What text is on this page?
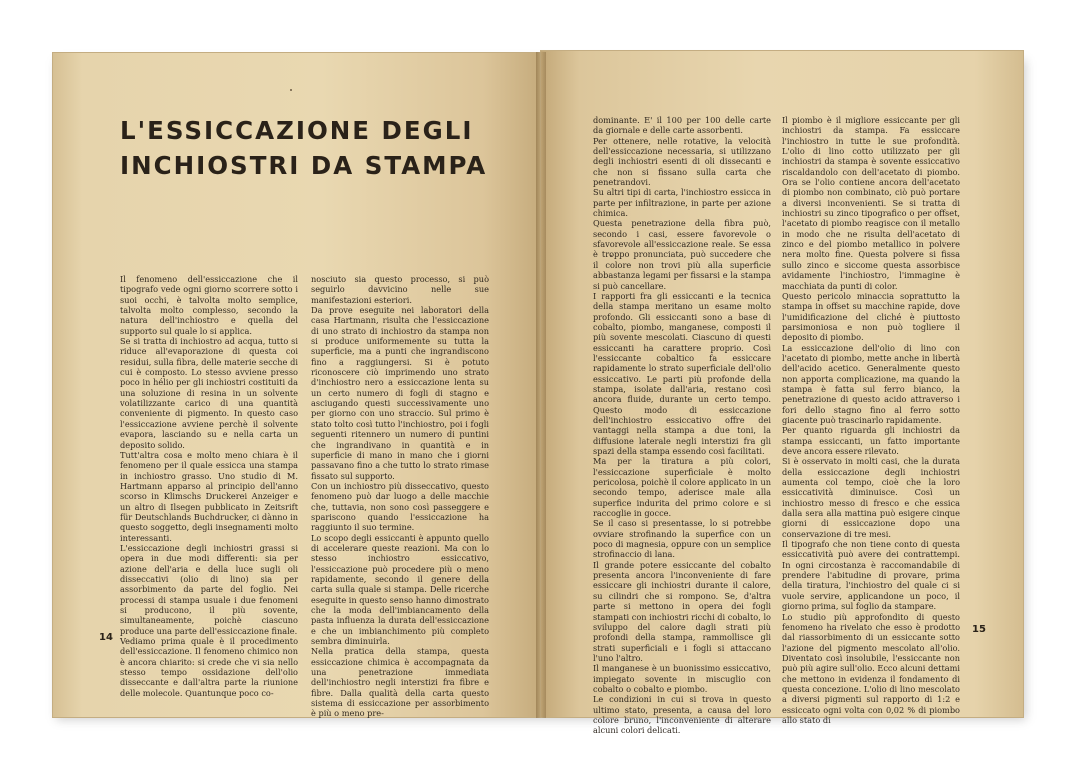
L'ESSICCAZIONE DEGLI
INCHIOSTRI DA STAMPA

Il fenomeno dell'essiccazione che il tipografo vede ogni giorno scorrere sotto i suoi occhi, è talvolta molto semplice, talvolta molto complesso, secondo la natura dell'inchiostro e quella del supporto sul quale lo si applica.

Se si tratta di inchiostro ad acqua, tutto si riduce all'evaporazione di questa coi residui, sulla fibra, delle materie secche di cui è composto. Lo stesso avviene presso poco in hélio per gli inchiostri costituiti da una soluzione di resina in un solvente volatilizzante carico di una quantità conveniente di pigmento. In questo caso l'essiccazione avviene perchè il solvente evapora, lasciando su e nella carta un deposito solido.

Tutt'altra cosa e molto meno chiara è il fenomeno per il quale essicca una stampa in inchiostro grasso. Uno studio di M. Hartmann apparso al principio dell'anno scorso in Klimschs Druckerei Anzeiger e un altro di Ilsegen pubblicato in Zeitsrift für Deutschlands Buchdrucker, ci dànno in questo soggetto, degli insegnamenti molto interessanti.

L'essiccazione degli inchiostri grassi si opera in due modi differenti: sia per azione dell'aria e della luce sugli oli disseccativi (olio di lino) sia per assorbimento da parte del foglio. Nei processi di stampa usuale i due fenomeni si producono, il più sovente, simultaneamente, poichè ciascuno produce una parte dell'essiccazione finale.

Vediamo prima quale è il procedimento dell'essiccazione. Il fenomeno chimico non è ancora chiarito: si crede che vi sia nello stesso tempo ossidazione dell'olio disseccante e dall'altra parte la riunione delle molecole. Quantunque poco co-

nosciuto sia questo processo, si può seguirlo davvicino nelle sue manifestazioni esteriori.

Da prove eseguite nei laboratori della casa Hartmann, risulta che l'essiccazione di uno strato di inchiostro da stampa non si produce uniformemente su tutta la superficie, ma a punti che ingrandiscono fino a raggiungersi. Si è potuto riconoscere ciò imprimendo uno strato d'inchiostro nero a essiccazione lenta su un certo numero di fogli di stagno e asciugando questi successivamente uno per giorno con uno straccio. Sul primo è stato tolto così tutto l'inchiostro, poi i fogli seguenti ritennero un numero di puntini che ingrandivano in quantità e in superficie di mano in mano che i giorni passavano fino a che tutto lo strato rimase fissato sul supporto.

Con un inchiostro più disseccativo, questo fenomeno può dar luogo a delle macchie che, tuttavia, non sono così passeggere e spariscono quando l'essiccazione ha raggiunto il suo termine.

Lo scopo degli essiccanti è appunto quello di accelerare queste reazioni. Ma con lo stesso inchiostro essiccativo, l'essiccazione può procedere più o meno rapidamente, secondo il genere della carta sulla quale si stampa. Delle ricerche eseguite in questo senso hanno dimostrato che la moda dell'imbiancamento della pasta influenza la durata dell'essiccazione e che un imbianchimento più completo sembra diminuirla.

Nella pratica della stampa, questa essiccazione chimica è accompagnata da una penetrazione immediata dell'inchiostro negli interstizi fra fibre e fibre. Dalla qualità della carta questo sistema di essiccazione per assorbimento è più o meno pre-

dominante. E' il 100 per 100 delle carte da giornale e delle carte assorbenti.

Per ottenere, nelle rotative, la velocità dell'essiccazione necessaria, si utilizzano degli inchiostri esenti di oli dissecanti e che non si fissano sulla carta che penetrandovi.

Su altri tipi di carta, l'inchiostro essicca in parte per infiltrazione, in parte per azione chimica.

Questa penetrazione della fibra può, secondo i casi, essere favorevole o sfavorevole all'essiccazione reale. Se essa è troppo pronunciata, può succedere che il colore non trovi più alla superficie abbastanza legami per fissarsi e la stampa si può cancellare.

I rapporti fra gli essiccanti e la tecnica della stampa meritano un esame molto profondo. Gli essiccanti sono a base di cobalto, piombo, manganese, composti il più sovente mescolati. Ciascuno di questi essiccanti ha carattere proprio. Così l'essiccante cobaltico fa essiccare rapidamente lo strato superficiale dell'olio essiccativo. Le parti più profonde della stampa, isolate dall'aria, restano così ancora fluide, durante un certo tempo. Questo modo di essiccazione dell'inchiostro essiccativo offre dei vantaggi nella stampa a due toni, la diffusione laterale negli interstizi fra gli spazi della stampa essendo così facilitati.

Ma per la tiratura a più colori, l'essiccazione superficiale è molto pericolosa, poichè il colore applicato in un secondo tempo, aderisce male alla superfice indurita del primo colore e si raccoglie in gocce.

Se il caso si presentasse, lo si potrebbe ovviare strofinando la superfice con un poco di magnesia, oppure con un semplice strofinaccio di lana.

Il grande potere essiccante del cobalto presenta ancora l'inconveniente di fare essiccare gli inchiostri durante il calore, su cilindri che si rompono. Se, d'altra parte si mettono in opera dei fogli stampati con inchiostri ricchi di cobalto, lo sviluppo del calore dagli strati più profondi della stampa, rammollisce gli strati superficiali e i fogli si attaccano l'uno l'altro.

Il manganese è un buonissimo essiccativo, impiegato sovente in miscuglio con cobalto o cobalto e piombo.

Le condizioni in cui si trova in questo ultimo stato, presenta, a causa del loro colore bruno, l'inconveniente di alterare alcuni colori delicati.

Il piombo è il migliore essiccante per gli inchiostri da stampa. Fa essiccare l'inchiostro in tutte le sue profondità. L'olio di lino cotto utilizzato per gli inchiostri da stampa è sovente essiccativo riscaldandolo con dell'acetato di piombo. Ora se l'olio contiene ancora dell'acetato di piombo non combinato, ciò può portare a diversi inconvenienti. Se si tratta di inchiostri su zinco tipografico o per offset, l'acetato di piombo reagisce con il metallo in modo che ne risulta dell'acetato di zinco e del piombo metallico in polvere nera molto fine. Questa polvere si fissa sullo zinco e siccome questa assorbisce avidamente l'inchiostro, l'immagine è macchiata da punti di color.

Questo pericolo minaccia soprattutto la stampa in offset su macchine rapide, dove l'umidificazione del cliché è piuttosto parsimoniosa e non può togliere il deposito di piombo.

La essiccazione dell'olio di lino con l'acetato di piombo, mette anche in libertà dell'acido acetico. Generalmente questo non apporta complicazione, ma quando la stampa è fatta sul ferro bianco, la penetrazione di questo acido attraverso i fori dello stagno fino al ferro sotto giacente può trascinarlo rapidamente.

Per quanto riguarda gli inchiostri da stampa essiccanti, un fatto importante deve ancora essere rilevato.

Si è osservato in molti casi, che la durata della essiccazione degli inchiostri aumenta col tempo, cioè che la loro essiccatività diminuisce. Così un inchiostro messo di fresco e che essica dalla sera alla mattina può esigere cinque giorni di essiccazione dopo una conservazione di tre mesi.

Il tipografo che non tiene conto di questa essiccatività può avere dei contrattempi. In ogni circostanza è raccomandabile di prendere l'abitudine di provare, prima della tiratura, l'inchiostro del quale ci si vuole servire, applicandone un poco, il giorno prima, sul foglio da stampare.

Lo studio più approfondito di questo fenomeno ha rivelato che esso è prodotto dal riassorbimento di un essiccante sotto l'azione del pigmento mescolato all'olio. Diventato così insolubile, l'essiccante non può più agire sull'olio. Ecco alcuni dettami che mettono in evidenza il fondamento di questa concezione. L'olio di lino mescolato a diversi pigmenti sul rapporto di 1:2 e essiccato ogni volta con 0,02 % di piombo allo stato di

14
15
